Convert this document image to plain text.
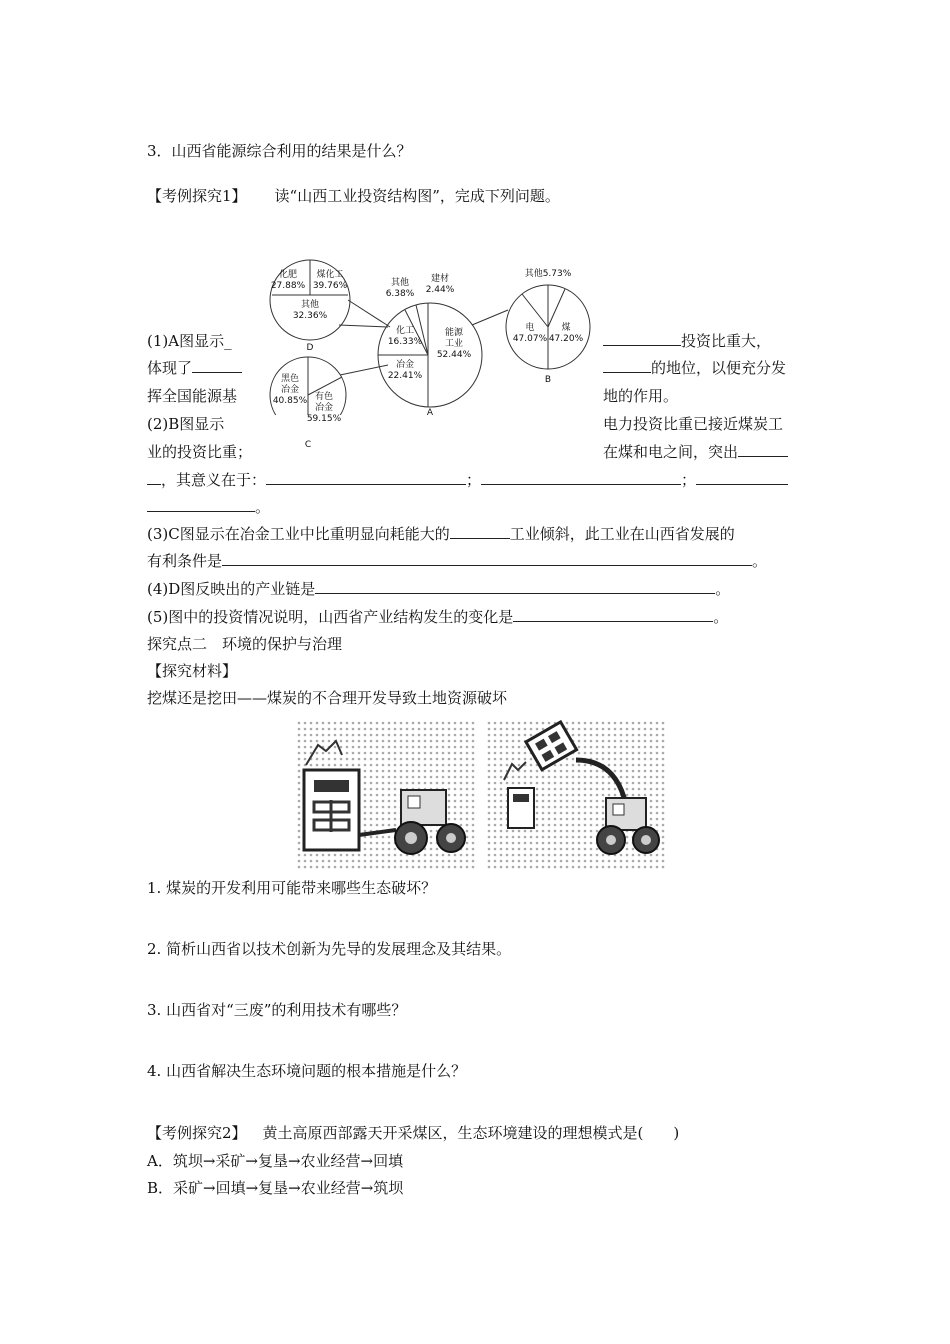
3．山西省能源综合利用的结果是什么？
【考例探究1】 读“山西工业投资结构图”，完成下列问题。
化肥
27.88%
煤化工
39.76%
其他
32.36%
D
其他
6.38%
建材
2.44%
化工
16.33%
冶金
22.41%
能源
工业
52.44%
A
其他5.73%
电
47.07%
煤
47.20%
B
黑色
冶金
40.85% 有色
冶金
59.15%
C
(1)A图显示_	投资比重大，
体现了	的地位，以便充分发
挥全国能源基	地的作用。
(2)B图显示	电力投资比重已接近煤炭工
业的投资比重；	在煤和电之间，突出
，其意义在于：	；	；
。
(3)C图显示在冶金工业中比重明显向耗能大的	工业倾斜，此工业在山西省发展的
有利条件是	。
(4)D图反映出的产业链是	。
(5)图中的投资情况说明，山西省产业结构发生的变化是	。
探究点二　环境的保护与治理
【探究材料】
挖煤还是挖田——煤炭的不合理开发导致土地资源破坏
1. 煤炭的开发利用可能带来哪些生态破坏？
2. 简析山西省以技术创新为先导的发展理念及其结果。
3. 山西省对“三废”的利用技术有哪些？
4. 山西省解决生态环境问题的根本措施是什么？
【考例探究2】 黄土高原西部露天开采煤区，生态环境建设的理想模式是(　　)
A．筑坝→采矿→复垦→农业经营→回填
B．采矿→回填→复垦→农业经营→筑坝
